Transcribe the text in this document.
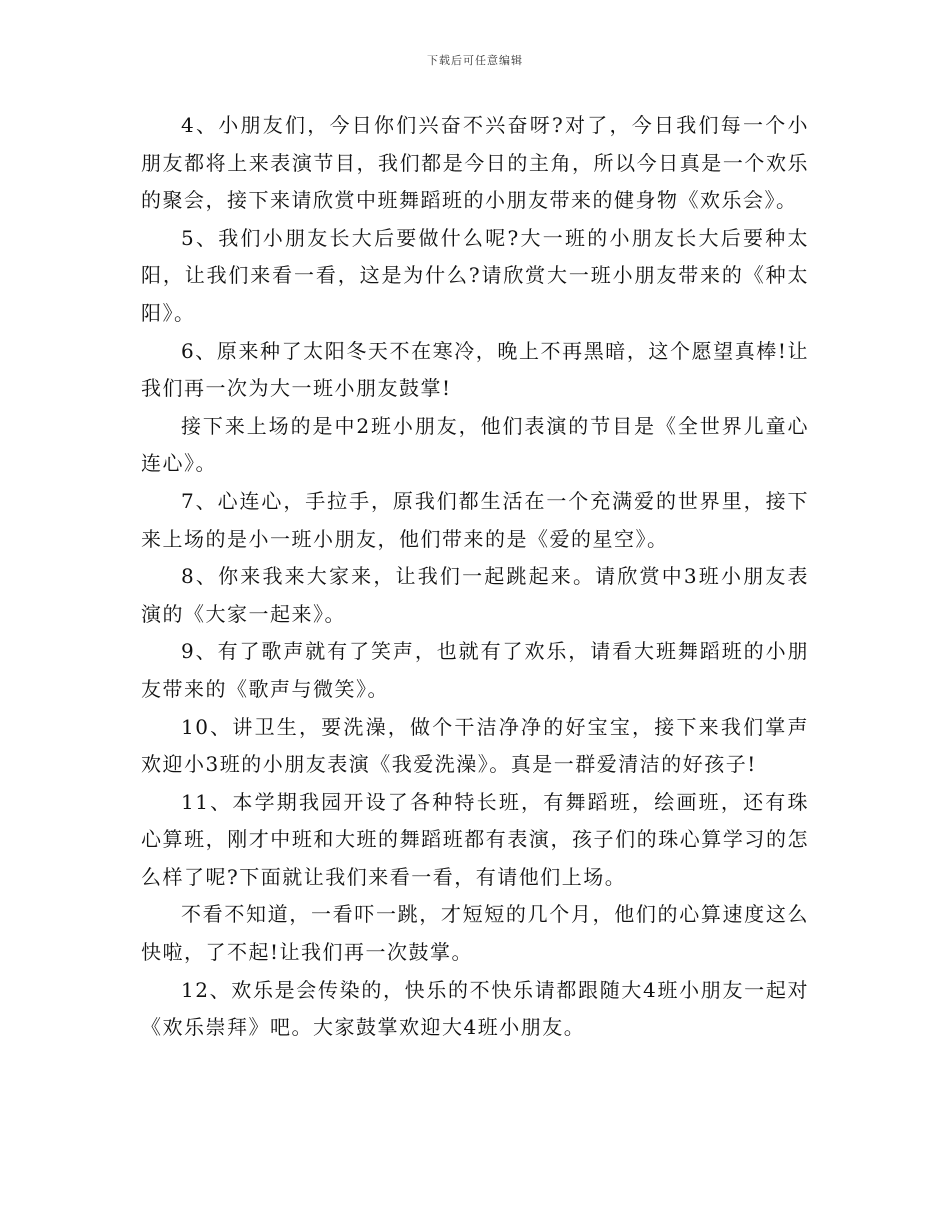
下载后可任意编辑

4、小朋友们，今日你们兴奋不兴奋呀?对了，今日我们每一个小朋友都将上来表演节目，我们都是今日的主角，所以今日真是一个欢乐的聚会，接下来请欣赏中班舞蹈班的小朋友带来的健身物《欢乐会》。

5、我们小朋友长大后要做什么呢?大一班的小朋友长大后要种太阳，让我们来看一看，这是为什么?请欣赏大一班小朋友带来的《种太阳》。

6、原来种了太阳冬天不在寒冷，晚上不再黑暗，这个愿望真棒!让我们再一次为大一班小朋友鼓掌!

接下来上场的是中2班小朋友，他们表演的节目是《全世界儿童心连心》。

7、心连心，手拉手，原我们都生活在一个充满爱的世界里，接下来上场的是小一班小朋友，他们带来的是《爱的星空》。

8、你来我来大家来，让我们一起跳起来。请欣赏中3班小朋友表演的《大家一起来》。

9、有了歌声就有了笑声，也就有了欢乐，请看大班舞蹈班的小朋友带来的《歌声与微笑》。

10、讲卫生，要洗澡，做个干洁净净的好宝宝，接下来我们掌声欢迎小3班的小朋友表演《我爱洗澡》。真是一群爱清洁的好孩子!

11、本学期我园开设了各种特长班，有舞蹈班，绘画班，还有珠心算班，刚才中班和大班的舞蹈班都有表演，孩子们的珠心算学习的怎么样了呢?下面就让我们来看一看，有请他们上场。

不看不知道，一看吓一跳，才短短的几个月，他们的心算速度这么快啦，了不起!让我们再一次鼓掌。

12、欢乐是会传染的，快乐的不快乐请都跟随大4班小朋友一起对《欢乐崇拜》吧。大家鼓掌欢迎大4班小朋友。
